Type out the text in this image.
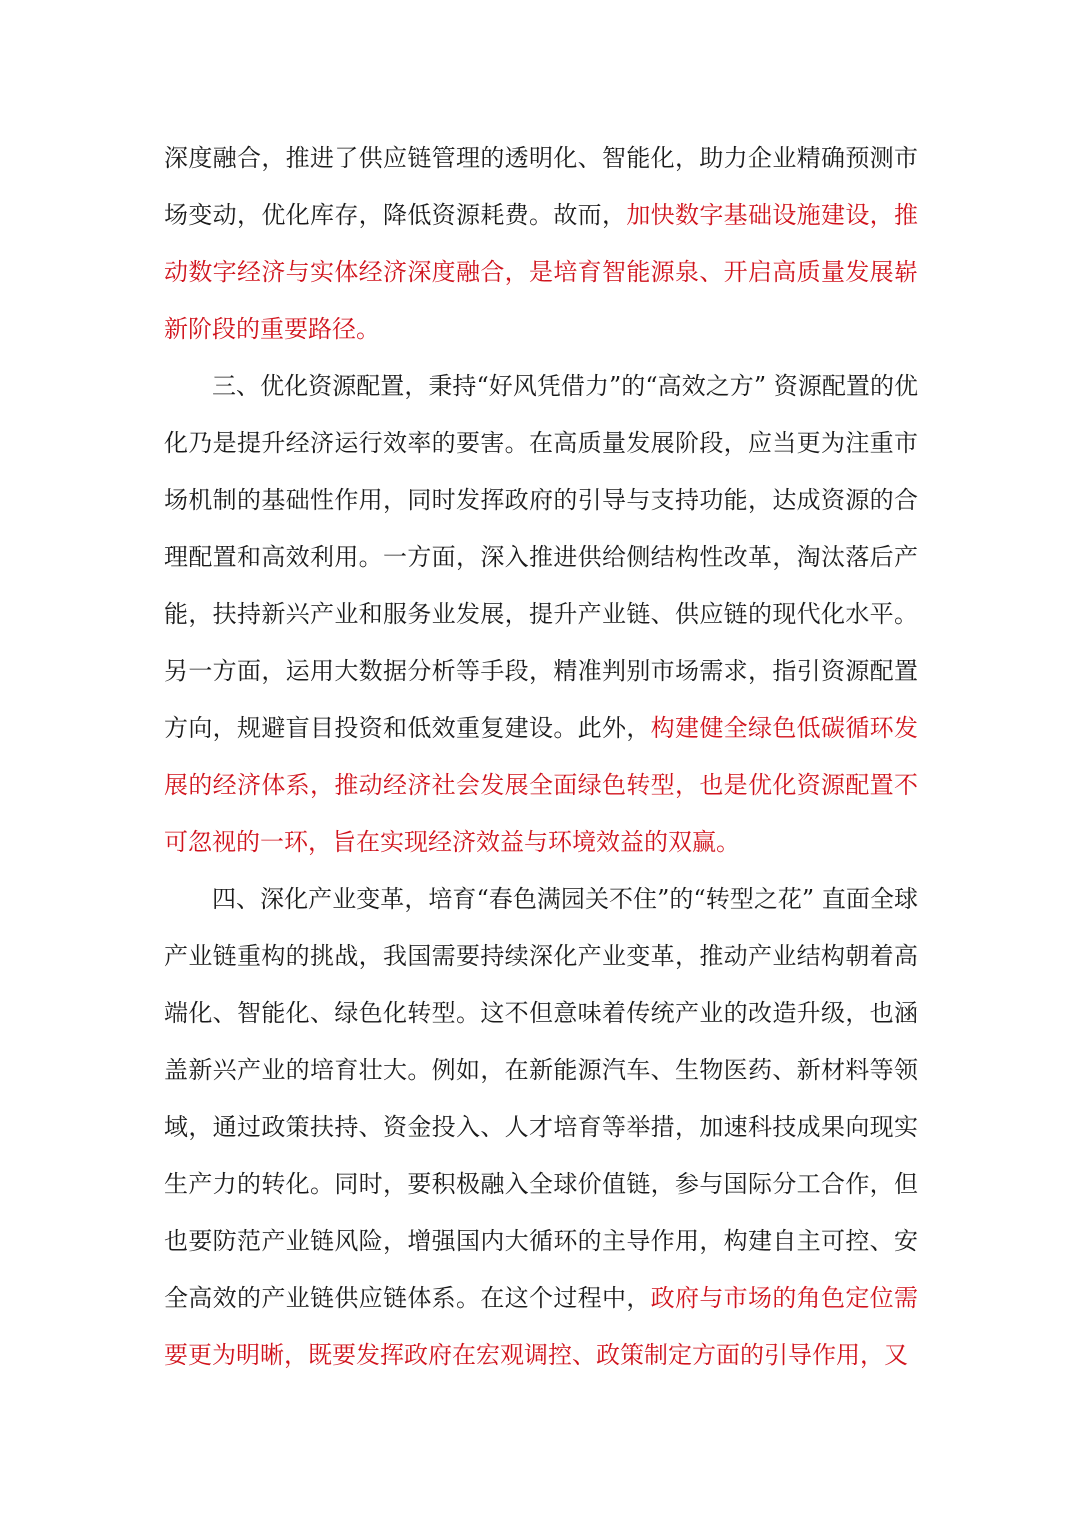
深度融合，推进了供应链管理的透明化、智能化，助力企业精确预测市场变动，优化库存，降低资源耗费。故而，加快数字基础设施建设，推动数字经济与实体经济深度融合，是培育智能源泉、开启高质量发展崭新阶段的重要路径。

三、优化资源配置，秉持“好风凭借力”的“高效之方” 资源配置的优化乃是提升经济运行效率的要害。在高质量发展阶段，应当更为注重市场机制的基础性作用，同时发挥政府的引导与支持功能，达成资源的合理配置和高效利用。一方面，深入推进供给侧结构性改革，淘汰落后产能，扶持新兴产业和服务业发展，提升产业链、供应链的现代化水平。另一方面，运用大数据分析等手段，精准判别市场需求，指引资源配置方向，规避盲目投资和低效重复建设。此外，构建健全绿色低碳循环发展的经济体系，推动经济社会发展全面绿色转型，也是优化资源配置不可忽视的一环，旨在实现经济效益与环境效益的双赢。

四、深化产业变革，培育“春色满园关不住”的“转型之花” 直面全球产业链重构的挑战，我国需要持续深化产业变革，推动产业结构朝着高端化、智能化、绿色化转型。这不但意味着传统产业的改造升级，也涵盖新兴产业的培育壮大。例如，在新能源汽车、生物医药、新材料等领域，通过政策扶持、资金投入、人才培育等举措，加速科技成果向现实生产力的转化。同时，要积极融入全球价值链，参与国际分工合作，但也要防范产业链风险，增强国内大循环的主导作用，构建自主可控、安全高效的产业链供应链体系。在这个过程中，政府与市场的角色定位需要更为明晰，既要发挥政府在宏观调控、政策制定方面的引导作用，又
